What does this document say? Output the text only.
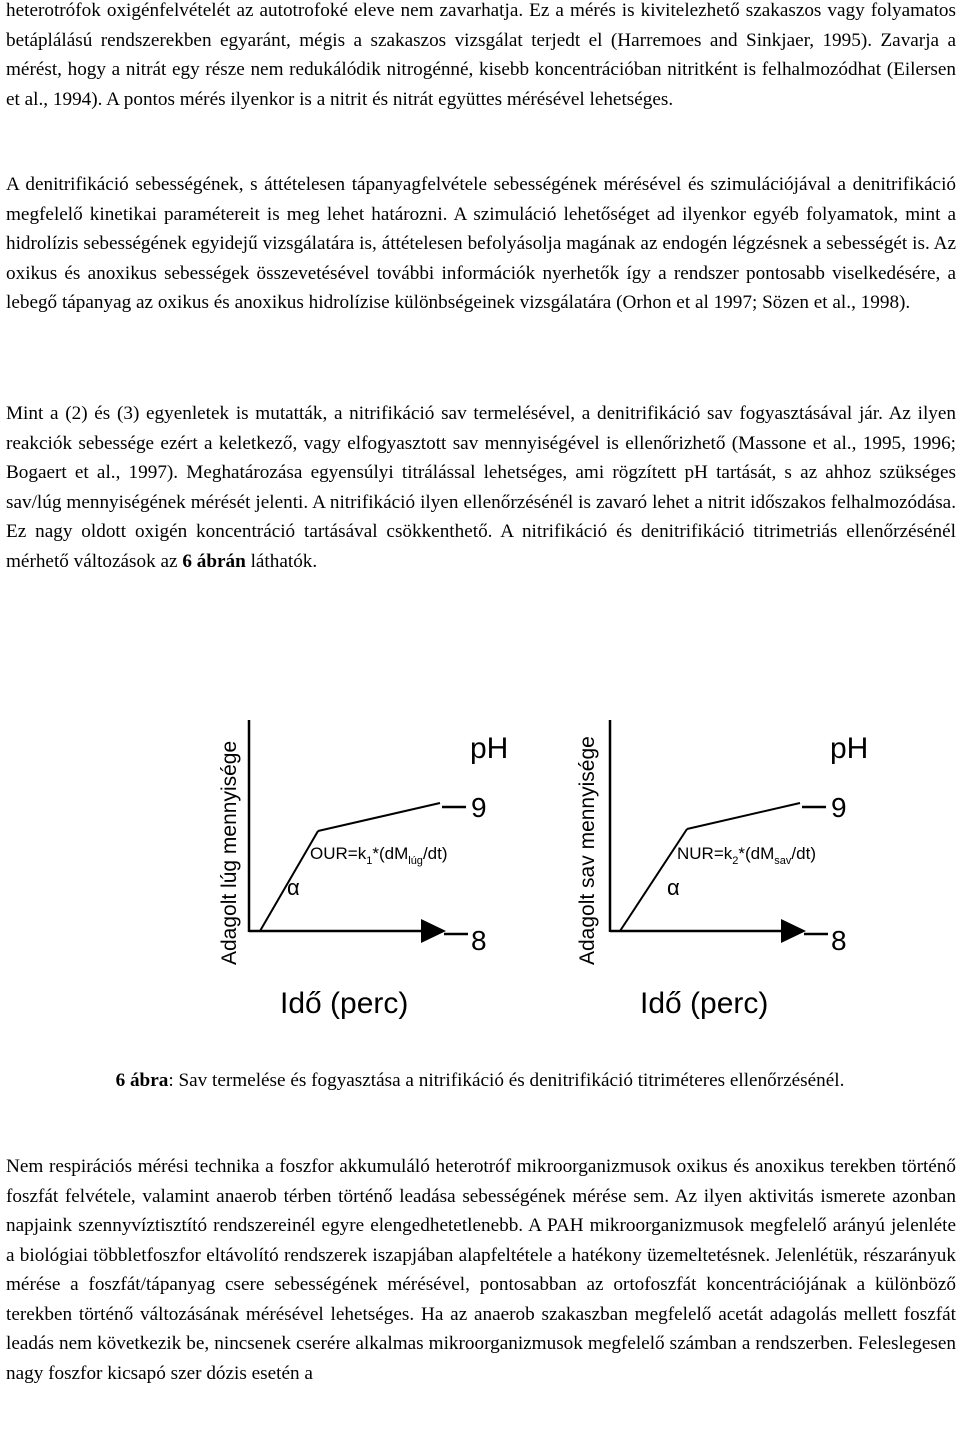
heterotrófok oxigénfelvételét az autotrofoké eleve nem zavarhatja. Ez a mérés is kivitelezhető szakaszos vagy folyamatos betáplálású rendszerekben egyaránt, mégis a szakaszos vizsgálat terjedt el (Harremoes and Sinkjaer, 1995). Zavarja a mérést, hogy a nitrát egy része nem redukálódik nitrogénné, kisebb koncentrációban nitritként is felhalmozódhat (Eilersen et al., 1994). A pontos mérés ilyenkor is a nitrit és nitrát együttes mérésével lehetséges.

A denitrifikáció sebességének, s áttételesen tápanyagfelvétele sebességének mérésével és szimulációjával a denitrifikáció megfelelő kinetikai paramétereit is meg lehet határozni. A szimuláció lehetőséget ad ilyenkor egyéb folyamatok, mint a hidrolízis sebességének egyidejű vizsgálatára is, áttételesen befolyásolja magának az endogén légzésnek a sebességét is. Az oxikus és anoxikus sebességek összevetésével további információk nyerhetők így a rendszer pontosabb viselkedésére, a lebegő tápanyag az oxikus és anoxikus hidrolízise különbségeinek vizsgálatára (Orhon et al 1997; Sözen et al., 1998).

Mint a (2) és (3) egyenletek is mutatták, a nitrifikáció sav termelésével, a denitrifikáció sav fogyasztásával jár. Az ilyen reakciók sebessége ezért a keletkező, vagy elfogyasztott sav mennyiségével is ellenőrizhető (Massone et al., 1995, 1996; Bogaert et al., 1997). Meghatározása egyensúlyi titrálással lehetséges, ami rögzített pH tartását, s az ahhoz szükséges sav/lúg mennyiségének mérését jelenti. A nitrifikáció ilyen ellenőrzésénél is zavaró lehet a nitrit időszakos felhalmozódása. Ez nagy oldott oxigén koncentráció tartásával csökkenthető. A nitrifikáció és denitrifikáció titrimetriás ellenőrzésénél mérhető változások az 6 ábrán láthatók.

Adagolt lúg mennyisége α
$OUR=k_1*(dM_{lúg}/dt)$
pH
9
8
Idő (perc)
Adagolt sav mennyisége	α
$NUR=k_2*(dM_{sav}/dt)$
pH
9
8
Idő (perc)
6 ábra: Sav termelése és fogyasztása a nitrifikáció és denitrifikáció titriméteres ellenőrzésénél.

Nem respirációs mérési technika a foszfor akkumuláló heterotróf mikroorganizmusok oxikus és anoxikus terekben történő foszfát felvétele, valamint anaerob térben történő leadása sebességének mérése sem. Az ilyen aktivitás ismerete azonban napjaink szennyvíztisztító rendszereinél egyre elengedhetetlenebb. A PAH mikroorganizmusok megfelelő arányú jelenléte a biológiai többletfoszfor eltávolító rendszerek iszapjában alapfeltétele a hatékony üzemeltetésnek. Jelenlétük, részarányuk mérése a foszfát/tápanyag csere sebességének mérésével, pontosabban az ortofoszfát koncentrációjának a különböző terekben történő változásának mérésével lehetséges. Ha az anaerob szakaszban megfelelő acetát adagolás mellett foszfát leadás nem következik be, nincsenek cserére alkalmas mikroorganizmusok megfelelő számban a rendszerben. Feleslegesen nagy foszfor kicsapó szer dózis esetén a
